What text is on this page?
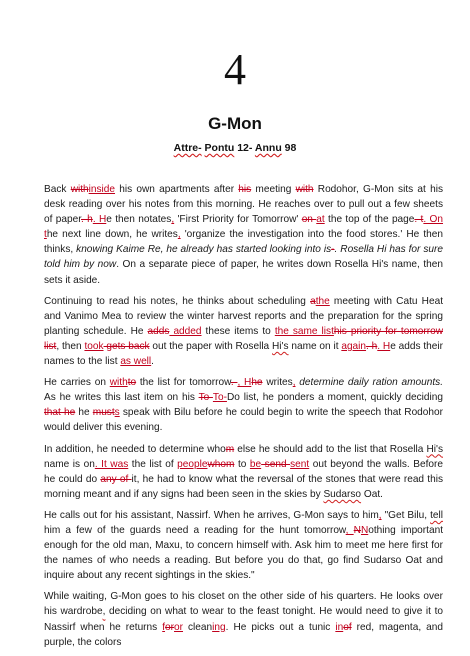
4
G-Mon
Attre- Pontu 12- Annu 98

Back withinside his own apartments after his meeting with Rodohor, G-Mon sits at his desk reading over his notes from this morning. He reaches over to pull out a few sheets of paper. h. He then notates, 'First Priority for Tomorrow' on at the top of the page. t. On the next line down, he writes, 'organize the investigation into the food stores.' He then thinks, knowing Kaime Re, he already has started looking into is-. Rosella Hi has for sure told him by now. On a separate piece of paper, he writes down Rosella Hi's name, then sets it aside.

Continuing to read his notes, he thinks about scheduling athe meeting with Catu Heat and Vanimo Mea to review the winter harvest reports and the preparation for the spring planting schedule. He adds added these items to the same listhis priority for tomorrow list, then took gets back out the paper with Rosella Hi's name on it again. h. He adds their names to the list as well.

He carries on withto the list for tomorrow. , Hhe writes, determine daily ration amounts. As he writes this last item on his To To-Do list, he ponders a moment, quickly deciding that he he musts speak with Bilu before he could begin to write the speech that Rodohor would deliver this evening.

In addition, he needed to determine whom else he should add to the list that Rosella Hi's name is on. It was the list of peoplewhom to be send sent out beyond the walls. Before he could do any of it, he had to know what the reversal of the stones that were read this morning meant and if any signs had been seen in the skies by Sudarso Oat.

He calls out for his assistant, Nassirf. When he arrives, G-Mon says to him, "Get Bilu, tell him a few of the guards need a reading for the hunt tomorrow, NNothing important enough for the old man, Maxu, to concern himself with. Ask him to meet me here first for the names of who needs a reading. But before you do that, go find Sudarso Oat and inquire about any recent sightings in the skies."

While waiting, G-Mon goes to his closet on the other side of his quarters. He looks over his wardrobe, deciding on what to wear to the feast tonight. He would need to give it to Nassirf when he returns foror cleaning. He picks out a tunic inof red, magenta, and purple, the colors
